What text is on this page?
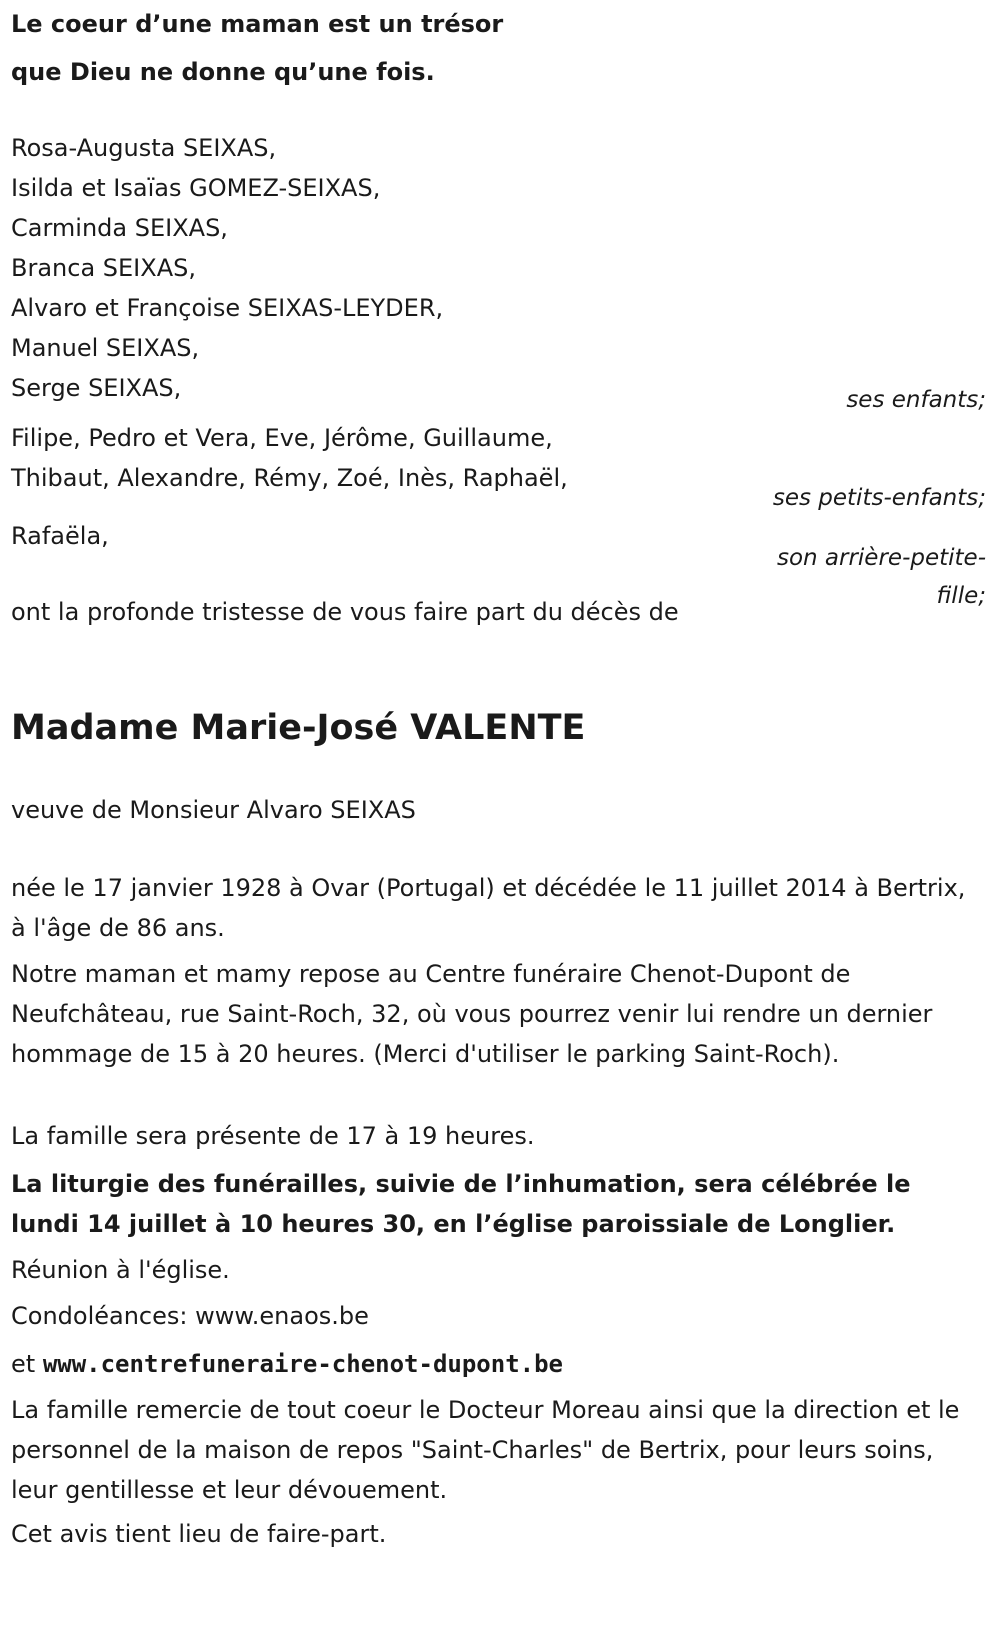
Le coeur d’une maman est un trésor

que Dieu ne donne qu’une fois.

Rosa-Augusta SEIXAS,
Isilda et Isaïas GOMEZ-SEIXAS,
Carminda SEIXAS,
Branca SEIXAS,
Alvaro et Françoise SEIXAS-LEYDER,
Manuel SEIXAS,
Serge SEIXAS,	ses enfants;

Filipe, Pedro et Vera, Eve, Jérôme, Guillaume,
Thibaut, Alexandre, Rémy, Zoé, Inès, Raphaël,

ses petits-enfants;

Rafaëla,

son arrière-petite-

fille;

ont la profonde tristesse de vous faire part du décès de

Madame Marie-José VALENTE

veuve de Monsieur Alvaro SEIXAS

née le 17 janvier 1928 à Ovar (Portugal) et décédée le 11 juillet 2014 à Bertrix, à l'âge de 86 ans.

Notre maman et mamy repose au Centre funéraire Chenot-Dupont de Neufchâteau, rue Saint-Roch, 32, où vous pourrez venir lui rendre un dernier hommage de 15 à 20 heures. (Merci d'utiliser le parking Saint-Roch).

La famille sera présente de 17 à 19 heures.

La liturgie des funérailles, suivie de l’inhumation, sera célébrée le lundi 14 juillet à 10 heures 30, en l’église paroissiale de Longlier.

Réunion à l'église.

Condoléances: www.enaos.be

et www.centrefuneraire-chenot-dupont.be

La famille remercie de tout coeur le Docteur Moreau ainsi que la direction et le personnel de la maison de repos "Saint-Charles" de Bertrix, pour leurs soins, leur gentillesse et leur dévouement.

Cet avis tient lieu de faire-part.
